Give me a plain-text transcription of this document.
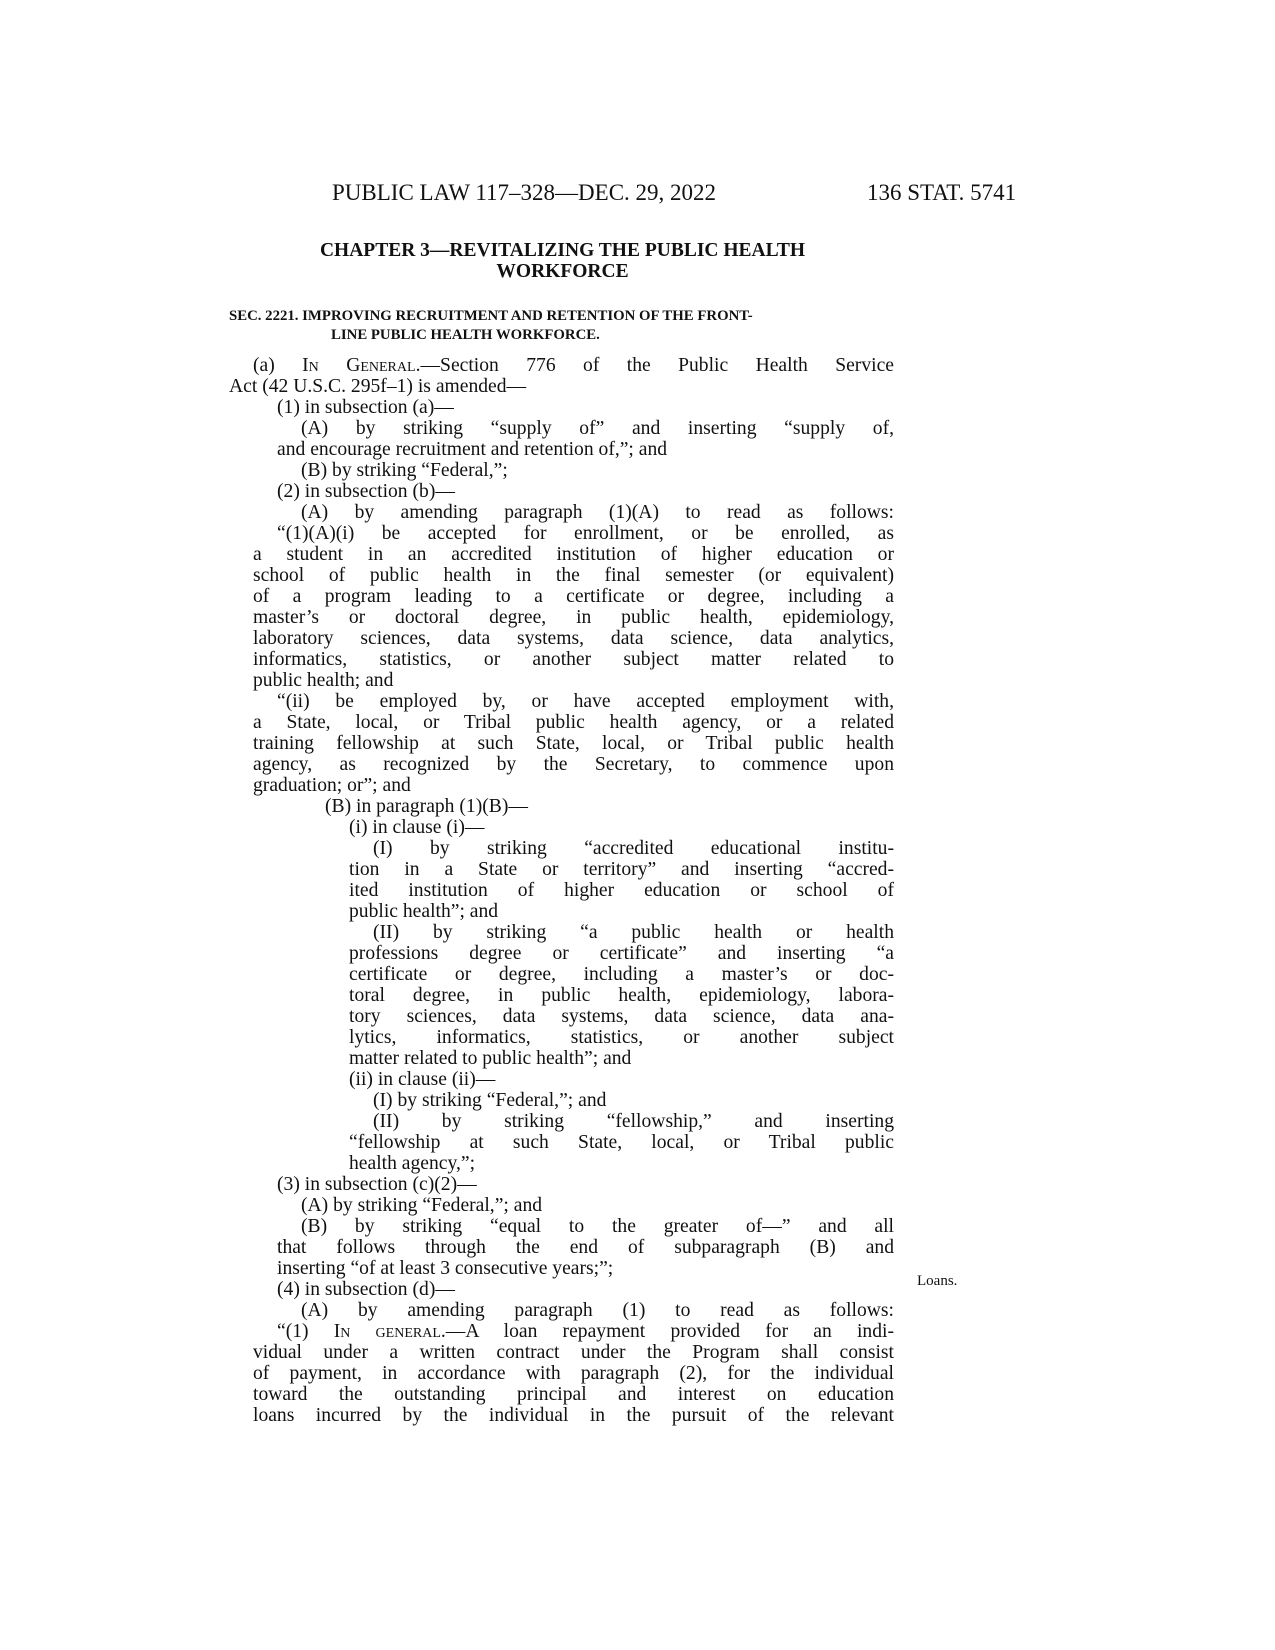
PUBLIC LAW 117–328—DEC. 29, 2022	136 STAT. 5741
CHAPTER 3—REVITALIZING THE PUBLIC HEALTH
WORKFORCE
SEC. 2221. IMPROVING RECRUITMENT AND RETENTION OF THE FRONT-
LINE PUBLIC HEALTH WORKFORCE.
(a) In General.—Section 776 of the Public Health Service
Act (42 U.S.C. 295f–1) is amended—
(1) in subsection (a)—
(A) by striking “supply of” and inserting “supply of,
and encourage recruitment and retention of,”; and
(B) by striking “Federal,”;
(2) in subsection (b)—
(A) by amending paragraph (1)(A) to read as follows:
“(1)(A)(i) be accepted for enrollment, or be enrolled, as
a student in an accredited institution of higher education or
school of public health in the final semester (or equivalent)
of a program leading to a certificate or degree, including a
master’s or doctoral degree, in public health, epidemiology,
laboratory sciences, data systems, data science, data analytics,
informatics, statistics, or another subject matter related to
public health; and
“(ii) be employed by, or have accepted employment with,
a State, local, or Tribal public health agency, or a related
training fellowship at such State, local, or Tribal public health
agency, as recognized by the Secretary, to commence upon
graduation; or”; and
(B) in paragraph (1)(B)—
(i) in clause (i)—
(I) by striking “accredited educational institu-
tion in a State or territory” and inserting “accred-
ited institution of higher education or school of
public health”; and
(II) by striking “a public health or health
professions degree or certificate” and inserting “a
certificate or degree, including a master’s or doc-
toral degree, in public health, epidemiology, labora-
tory sciences, data systems, data science, data ana-
lytics, informatics, statistics, or another subject
matter related to public health”; and
(ii) in clause (ii)—
(I) by striking “Federal,”; and
(II) by striking “fellowship,” and inserting
“fellowship at such State, local, or Tribal public
health agency,”;
(3) in subsection (c)(2)—
(A) by striking “Federal,”; and
(B) by striking “equal to the greater of—” and all
that follows through the end of subparagraph (B) and
inserting “of at least 3 consecutive years;”;
(4) in subsection (d)—
(A) by amending paragraph (1) to read as follows:
“(1) In general.—A loan repayment provided for an indi-
vidual under a written contract under the Program shall consist
of payment, in accordance with paragraph (2), for the individual
toward the outstanding principal and interest on education
loans incurred by the individual in the pursuit of the relevant
Loans.
